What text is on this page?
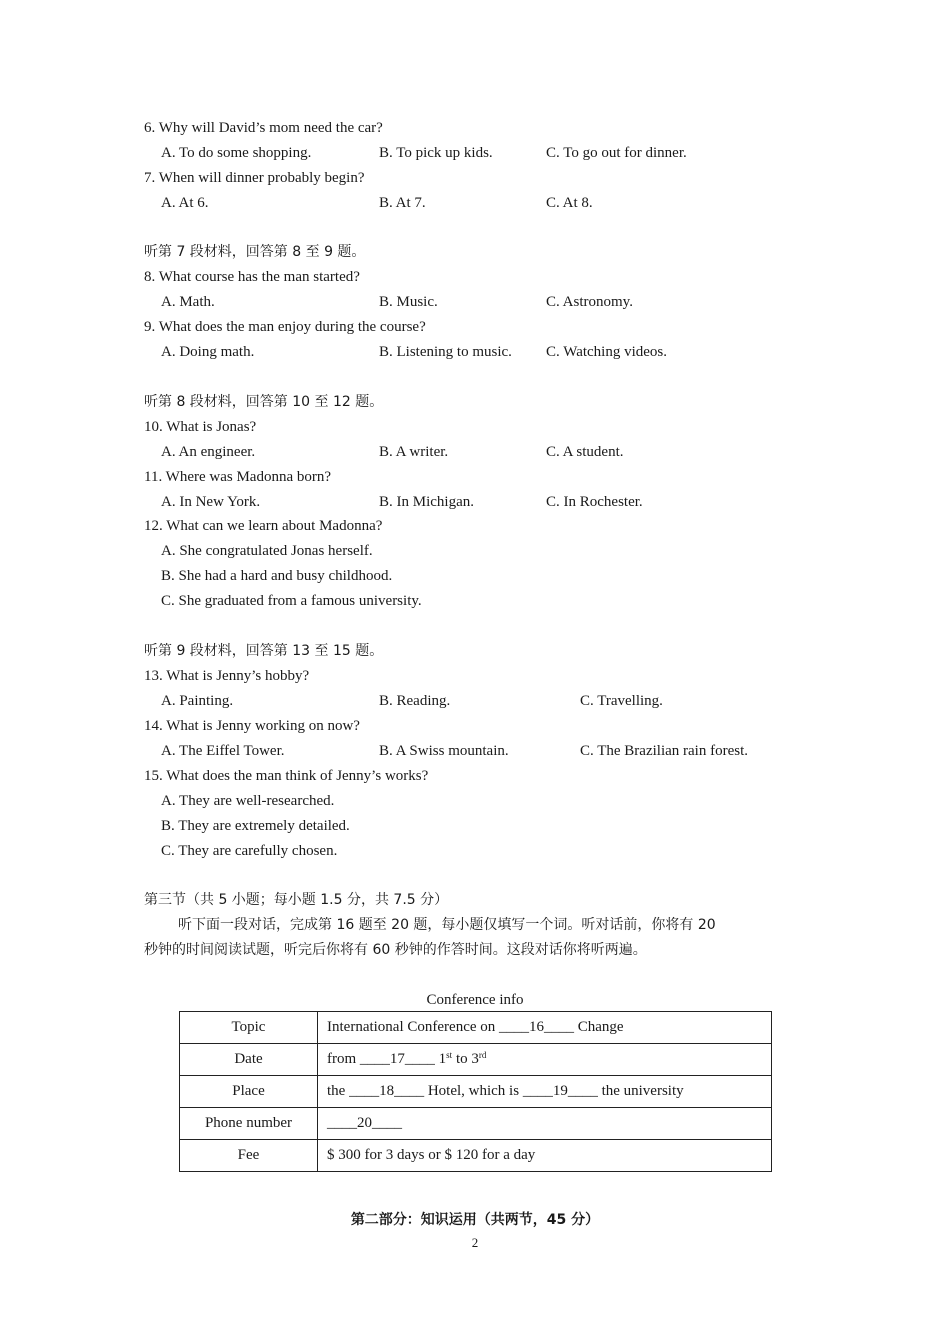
6. Why will David’s mom need the car?
A. To do some shopping.	B. To pick up kids.	C. To go out for dinner.
7. When will dinner probably begin?
A. At 6.	B. At 7.	C. At 8.
听第 7 段材料，回答第 8 至 9 题。
8. What course has the man started?
A. Math.	B. Music.	C. Astronomy.
9. What does the man enjoy during the course?
A. Doing math.	B. Listening to music. C. Watching videos.
听第 8 段材料，回答第 10 至 12 题。
10. What is Jonas?
A. An engineer.	B. A writer.	C. A student.
11. Where was Madonna born?
A. In New York.	B. In Michigan.	C. In Rochester.
12. What can we learn about Madonna?
A. She congratulated Jonas herself.
B. She had a hard and busy childhood.
C. She graduated from a famous university.
听第 9 段材料，回答第 13 至 15 题。
13. What is Jenny’s hobby?
A. Painting.	B. Reading.	C. Travelling.
14. What is Jenny working on now?
A. The Eiffel Tower.	B. A Swiss mountain.	C. The Brazilian rain forest.
15. What does the man think of Jenny’s works?
A. They are well-researched.
B. They are extremely detailed.
C. They are carefully chosen.
第三节（共 5 小题；每小题 1.5 分，共 7.5 分）
听下面一段对话，完成第 16 题至 20 题，每小题仅填写一个词。听对话前，你将有 20
秒钟的时间阅读试题，听完后你将有 60 秒钟的作答时间。这段对话你将听两遍。
Conference info
Topic	International Conference on ____16____ Change
Date	from ____17____ 1st to 3rd
Place	the ____18____ Hotel, which is ____19____ the university
Phone number	____20____
Fee	$ 300 for 3 days or $ 120 for a day
第二部分：知识运用（共两节，45 分）
2
